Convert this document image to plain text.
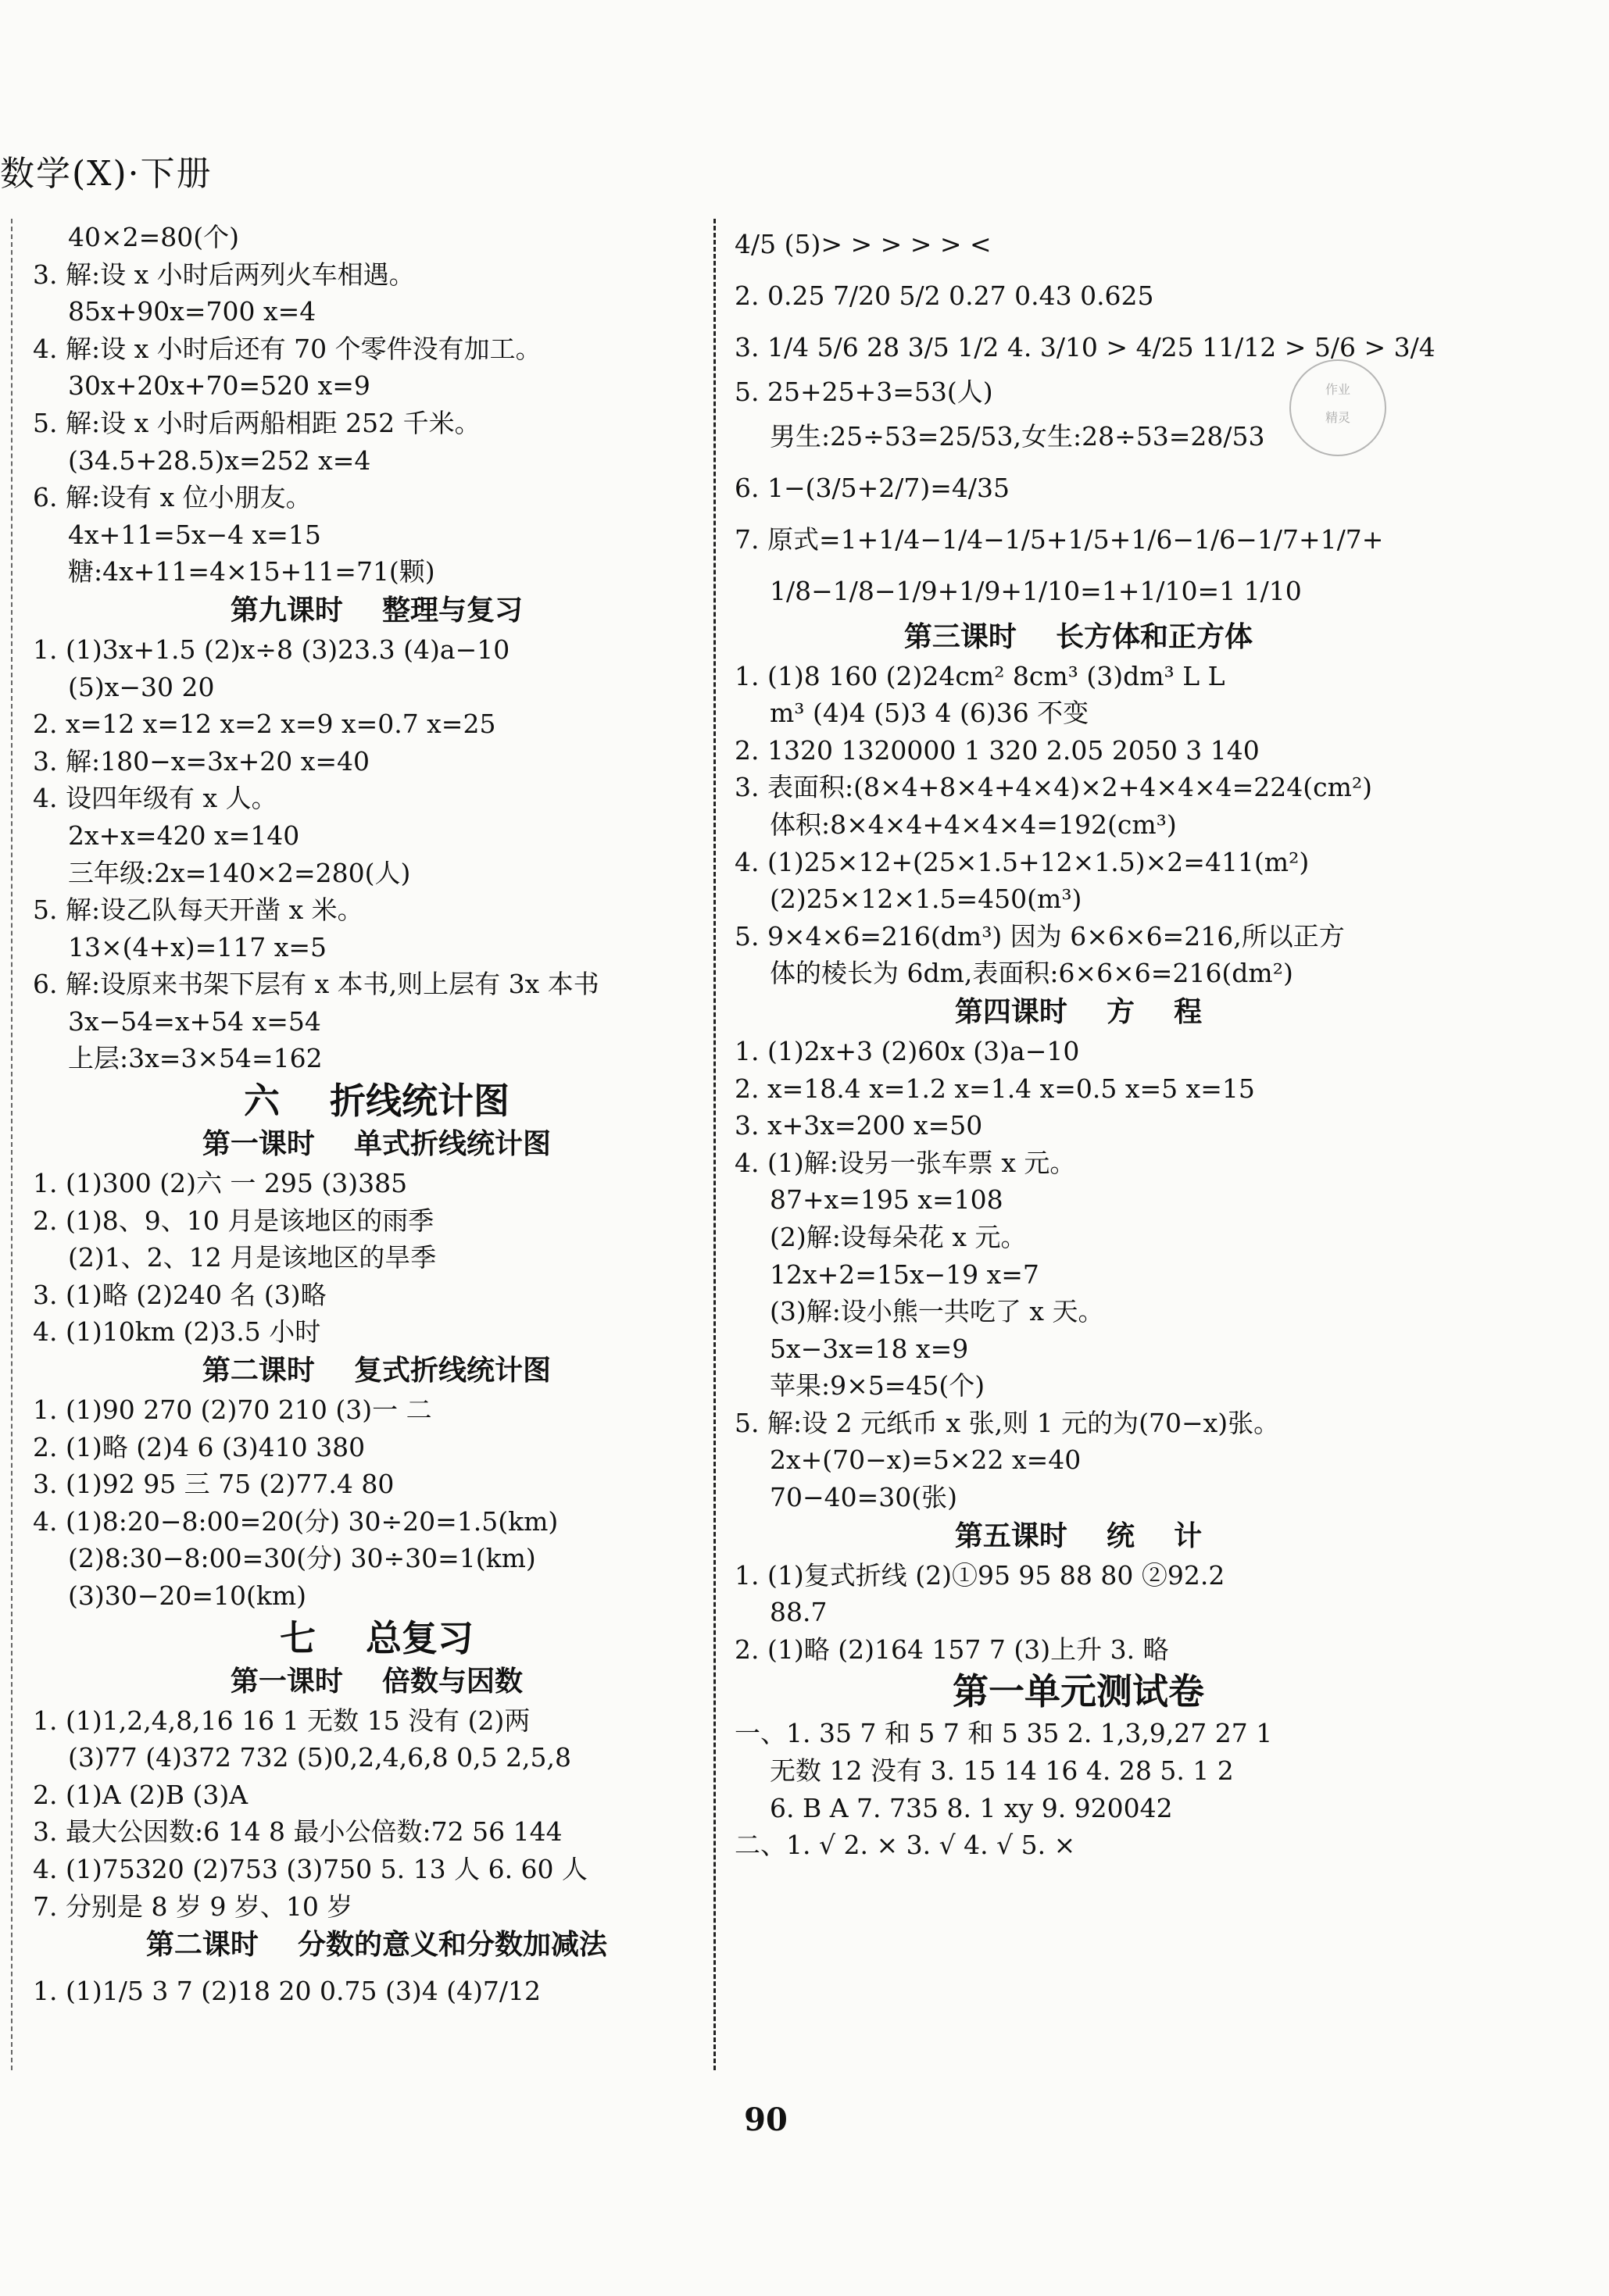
数学(X)·下册
40×2=80(个)
3. 解:设 x 小时后两列火车相遇。
85x+90x=700 x=4
4. 解:设 x 小时后还有 70 个零件没有加工。
30x+20x+70=520 x=9
5. 解:设 x 小时后两船相距 252 千米。
(34.5+28.5)x=252 x=4
6. 解:设有 x 位小朋友。
4x+11=5x−4 x=15
糖:4x+11=4×15+11=71(颗)
第九课时    整理与复习
1. (1)3x+1.5 (2)x÷8 (3)23.3 (4)a−10
(5)x−30 20
2. x=12 x=12 x=2 x=9 x=0.7 x=25
3. 解:180−x=3x+20 x=40
4. 设四年级有 x 人。
2x+x=420 x=140
三年级:2x=140×2=280(人)
5. 解:设乙队每天开凿 x 米。
13×(4+x)=117 x=5
6. 解:设原来书架下层有 x 本书,则上层有 3x 本书
3x−54=x+54 x=54
上层:3x=3×54=162
六    折线统计图
第一课时    单式折线统计图
1. (1)300 (2)六 一 295 (3)385
2. (1)8、9、10 月是该地区的雨季
(2)1、2、12 月是该地区的旱季
3. (1)略 (2)240 名 (3)略
4. (1)10km (2)3.5 小时
第二课时    复式折线统计图
1. (1)90 270 (2)70 210 (3)一 二
2. (1)略 (2)4 6 (3)410 380
3. (1)92 95 三 75 (2)77.4 80
4. (1)8:20−8:00=20(分) 30÷20=1.5(km)
(2)8:30−8:00=30(分) 30÷30=1(km)
(3)30−20=10(km)
七    总复习
第一课时    倍数与因数
1. (1)1,2,4,8,16 16 1 无数 15 没有 (2)两
(3)77 (4)372 732 (5)0,2,4,6,8 0,5 2,5,8
2. (1)A (2)B (3)A
3. 最大公因数:6 14 8 最小公倍数:72 56 144
4. (1)75320 (2)753 (3)750 5. 13 人 6. 60 人
7. 分别是 8 岁 9 岁、10 岁
第二课时    分数的意义和分数加减法
1. (1)1/5 3 7 (2)18 20 0.75 (3)4 (4)7/12
4/5 (5)> > > > > <
2. 0.25 7/20 5/2 0.27 0.43 0.625
3. 1/4 5/6 28 3/5 1/2 4. 3/10 > 4/25 11/12 > 5/6 > 3/4
5. 25+25+3=53(人)
男生:25÷53=25/53,女生:28÷53=28/53
6. 1−(3/5+2/7)=4/35
7. 原式=1+1/4−1/4−1/5+1/5+1/6−1/6−1/7+1/7+
1/8−1/8−1/9+1/9+1/10=1+1/10=1 1/10
第三课时    长方体和正方体
1. (1)8 160 (2)24cm² 8cm³ (3)dm³ L L
m³ (4)4 (5)3 4 (6)36 不变
2. 1320 1320000 1 320 2.05 2050 3 140
3. 表面积:(8×4+8×4+4×4)×2+4×4×4=224(cm²)
体积:8×4×4+4×4×4=192(cm³)
4. (1)25×12+(25×1.5+12×1.5)×2=411(m²)
(2)25×12×1.5=450(m³)
5. 9×4×6=216(dm³) 因为 6×6×6=216,所以正方
体的棱长为 6dm,表面积:6×6×6=216(dm²)
第四课时    方    程
1. (1)2x+3 (2)60x (3)a−10
2. x=18.4 x=1.2 x=1.4 x=0.5 x=5 x=15
3. x+3x=200 x=50
4. (1)解:设另一张车票 x 元。
87+x=195 x=108
(2)解:设每朵花 x 元。
12x+2=15x−19 x=7
(3)解:设小熊一共吃了 x 天。
5x−3x=18 x=9
苹果:9×5=45(个)
5. 解:设 2 元纸币 x 张,则 1 元的为(70−x)张。
2x+(70−x)=5×22 x=40
70−40=30(张)
第五课时    统    计
1. (1)复式折线 (2)①95 95 88 80 ②92.2
88.7
2. (1)略 (2)164 157 7 (3)上升 3. 略
第一单元测试卷
一、1. 35 7 和 5 7 和 5 35 2. 1,3,9,27 27 1
无数 12 没有 3. 15 14 16 4. 28 5. 1 2
6. B A 7. 735 8. 1 xy 9. 920042
二、1. √ 2. × 3. √ 4. √ 5. ×
作业

精灵
90
